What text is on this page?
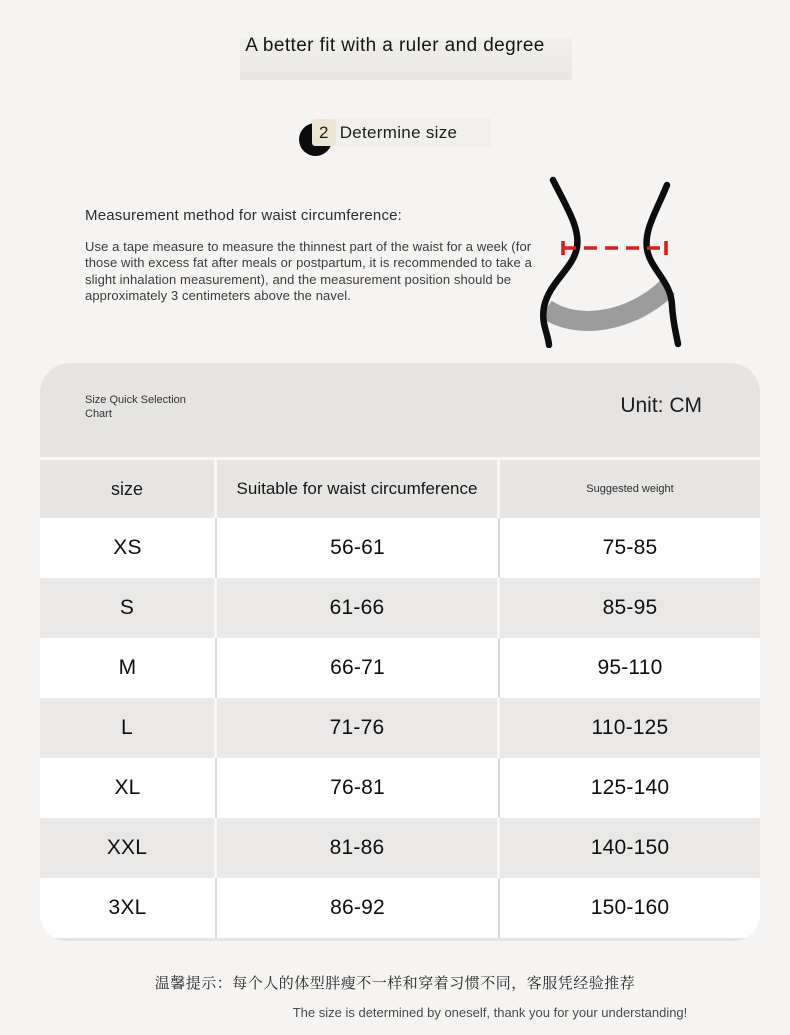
A better fit with a ruler and degree
2 Determine size
Measurement method for waist circumference:
Use a tape measure to measure the thinnest part of the waist for a week (for those with excess fat after meals or postpartum, it is recommended to take a slight inhalation measurement), and the measurement position should be approximately 3 centimeters above the navel.
Size Quick Selection Chart	Unit: CM
size	Suitable for waist circumference	Suggested weight
XS	56-61	75-85
S	61-66	85-95
M	66-71	95-110
L	71-76	110-125
XL	76-81	125-140
XXL	81-86	140-150
3XL	86-92	150-160
温馨提示：每个人的体型胖瘦不一样和穿着习惯不同，客服凭经验推荐
The size is determined by oneself, thank you for your understanding!
